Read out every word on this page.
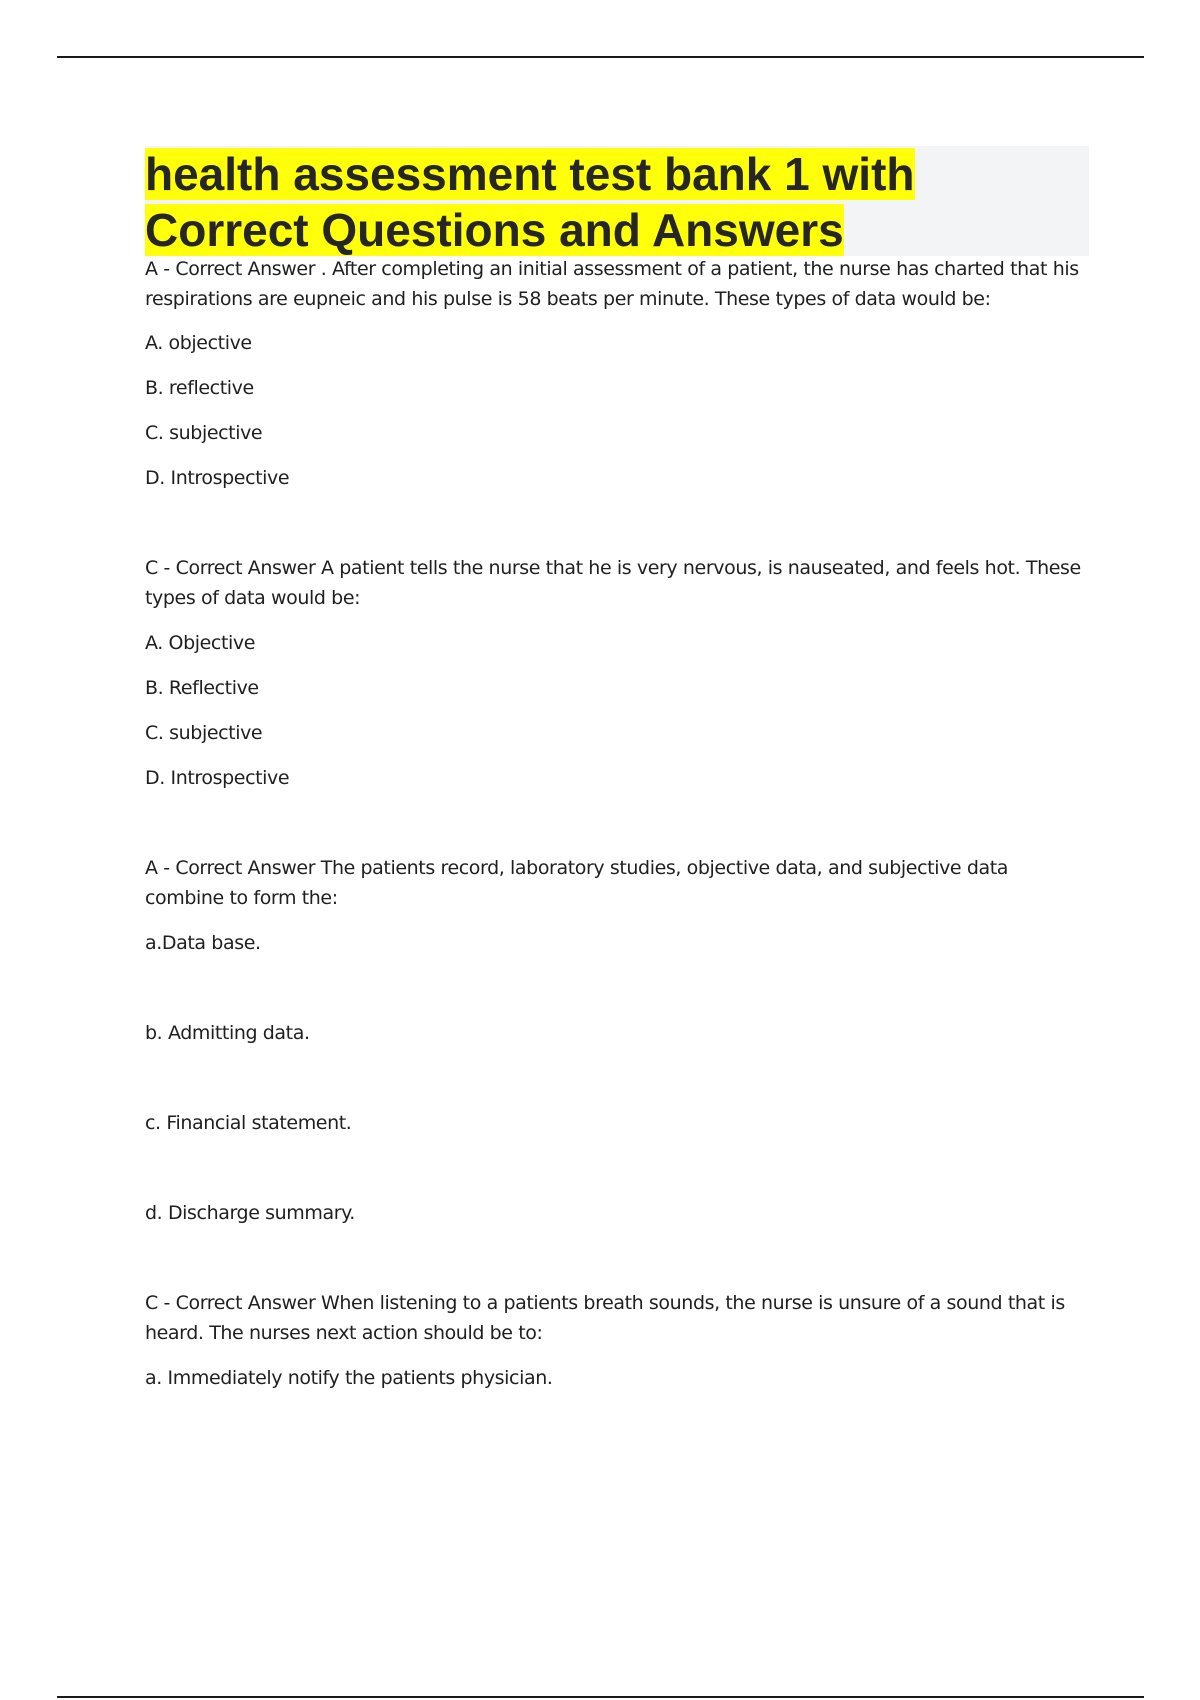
health assessment test bank 1 with
Correct Questions and Answers

A - Correct Answer . After completing an initial assessment of a patient, the nurse has charted that his respirations are eupneic and his pulse is 58 beats per minute. These types of data would be:

A. objective

B. reflective

C. subjective

D. Introspective

C - Correct Answer A patient tells the nurse that he is very nervous, is nauseated, and feels hot. These types of data would be:

A. Objective

B. Reflective

C. subjective

D. Introspective

A - Correct Answer The patients record, laboratory studies, objective data, and subjective data combine to form the:

a.Data base.

b. Admitting data.

c. Financial statement.

d. Discharge summary.

C - Correct Answer When listening to a patients breath sounds, the nurse is unsure of a sound that is heard. The nurses next action should be to:

a. Immediately notify the patients physician.
